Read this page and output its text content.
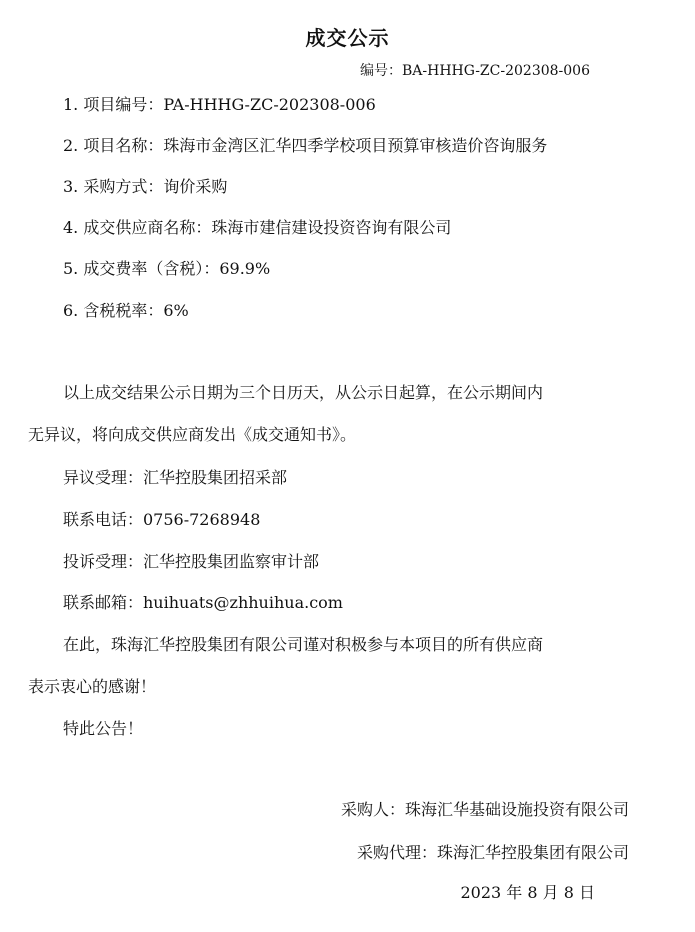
成交公示
编号：BA-HHHG-ZC-202308-006
1. 项目编号：PA-HHHG-ZC-202308-006
2. 项目名称：珠海市金湾区汇华四季学校项目预算审核造价咨询服务
3. 采购方式：询价采购
4. 成交供应商名称：珠海市建信建设投资咨询有限公司
5. 成交费率（含税）：69.9%
6. 含税税率：6%
以上成交结果公示日期为三个日历天，从公示日起算，在公示期间内
无异议，将向成交供应商发出《成交通知书》。
异议受理：汇华控股集团招采部
联系电话：0756-7268948
投诉受理：汇华控股集团监察审计部
联系邮箱：huihuats@zhhuihua.com
在此，珠海汇华控股集团有限公司谨对积极参与本项目的所有供应商
表示衷心的感谢！
特此公告！
采购人：珠海汇华基础设施投资有限公司
采购代理：珠海汇华控股集团有限公司
2023 年 8 月 8 日
